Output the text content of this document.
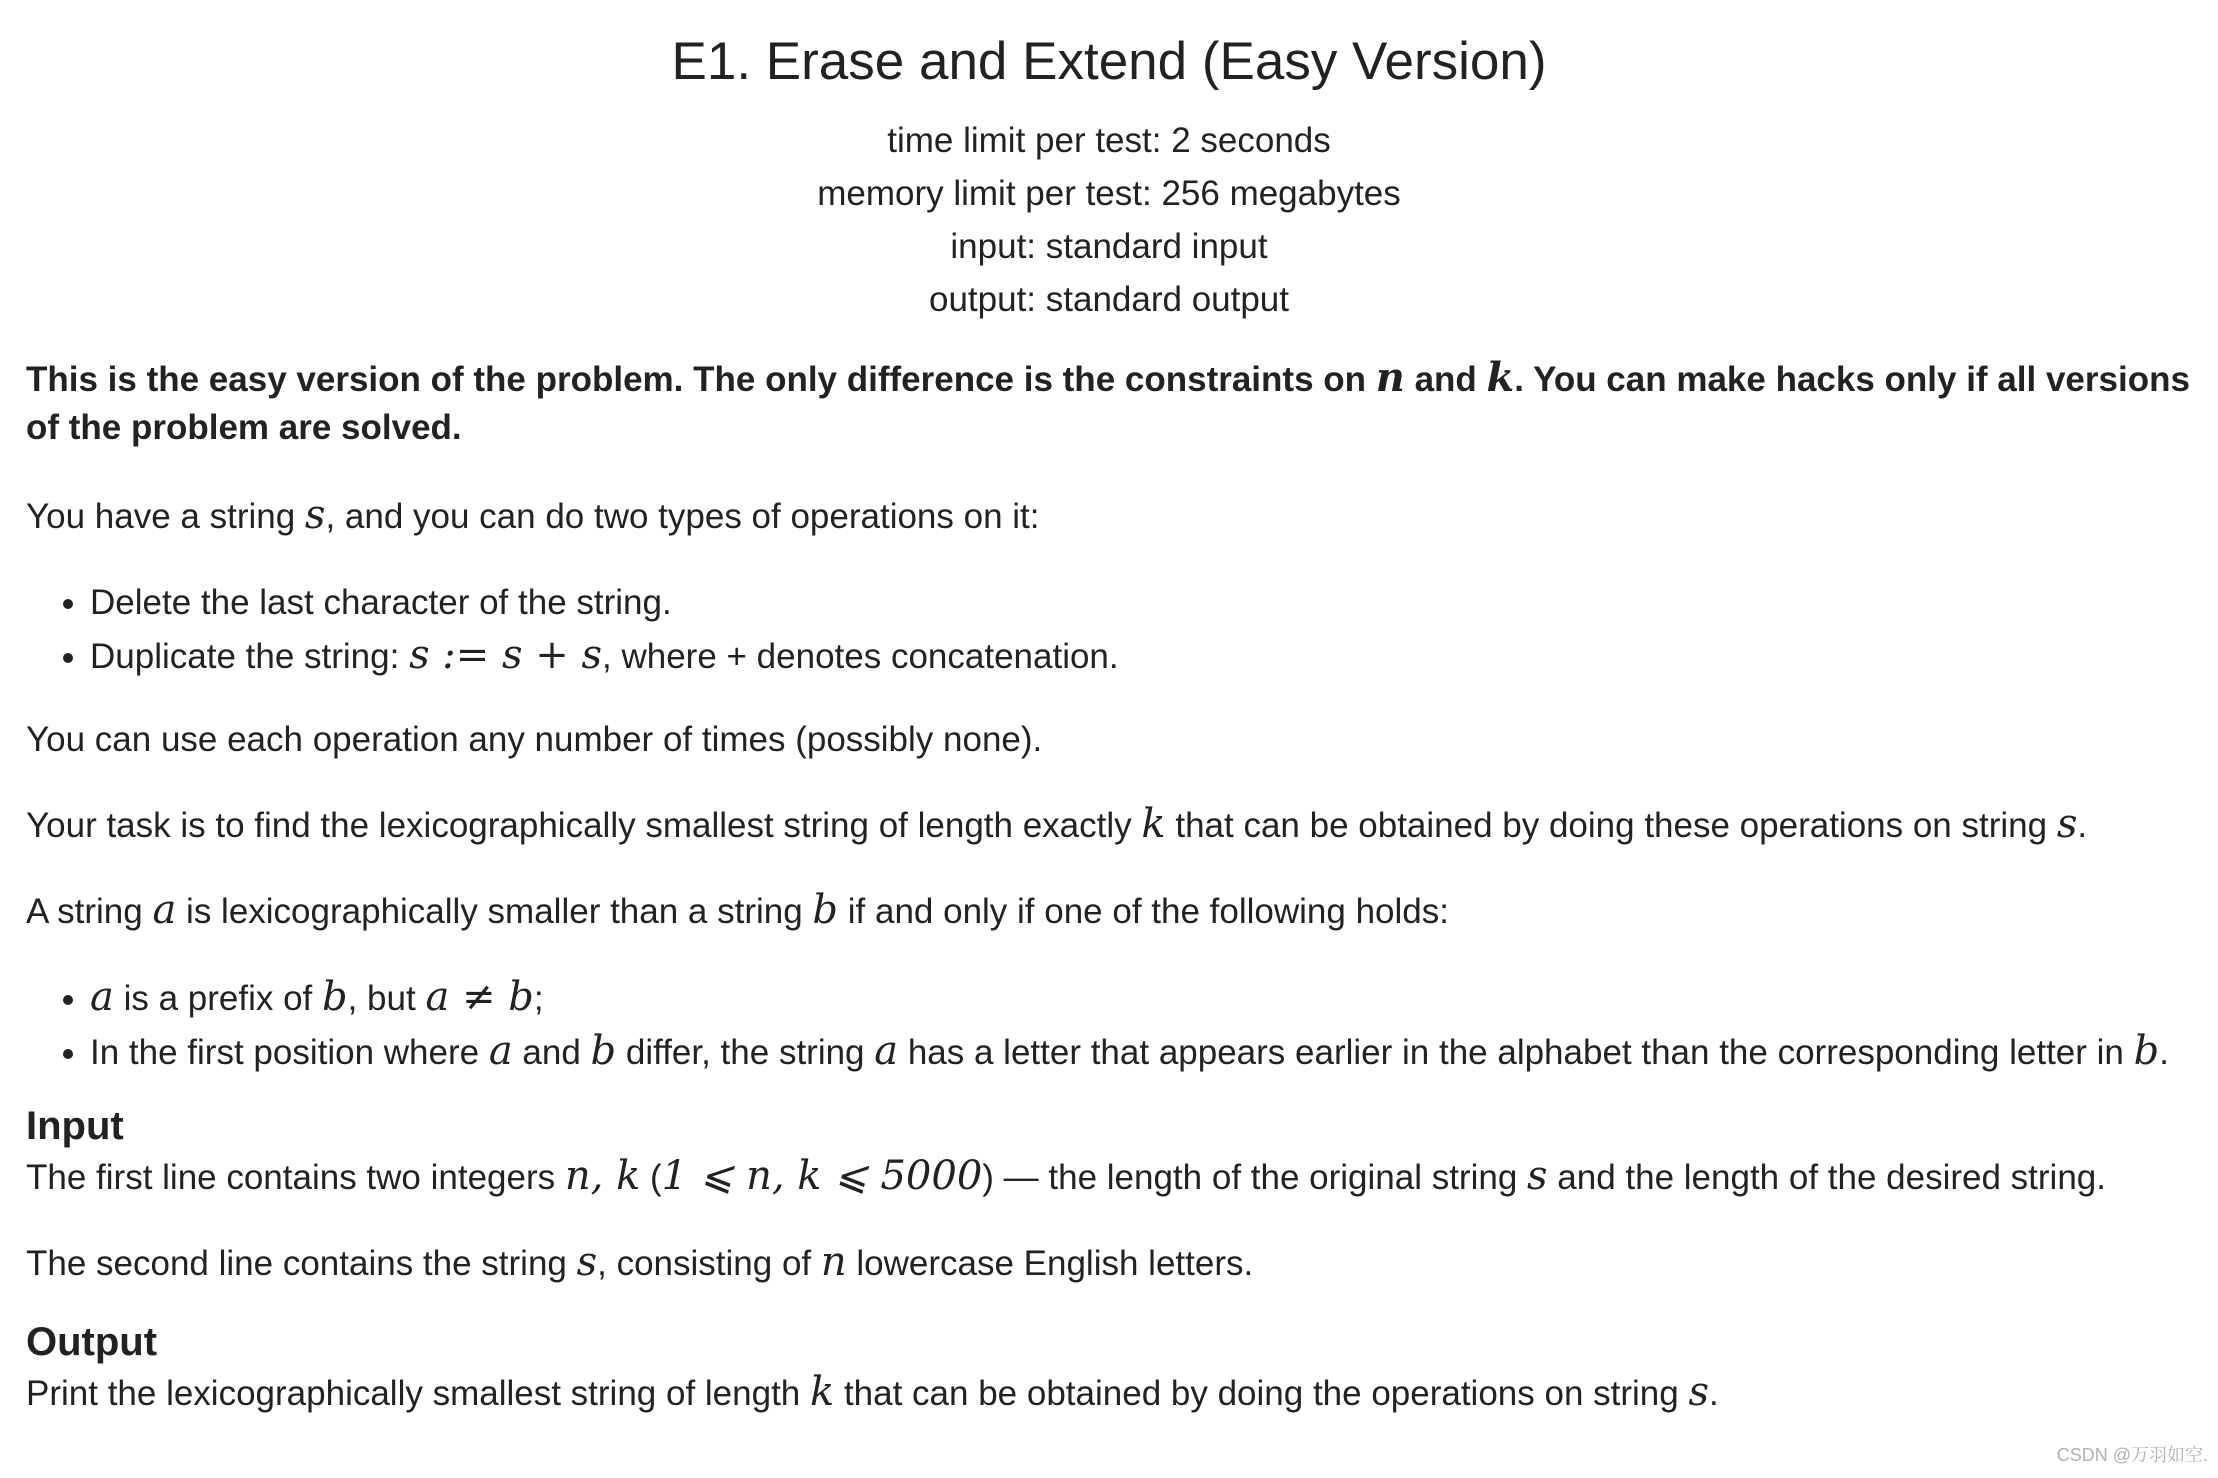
E1. Erase and Extend (Easy Version)
time limit per test: 2 seconds
memory limit per test: 256 megabytes
input: standard input
output: standard output

This is the easy version of the problem. The only difference is the constraints on n and k. You can make hacks only if all versions of the problem are solved.

You have a string s, and you can do two types of operations on it:

• Delete the last character of the string.
• Duplicate the string: s := s + s, where + denotes concatenation.

You can use each operation any number of times (possibly none).

Your task is to find the lexicographically smallest string of length exactly k that can be obtained by doing these operations on string s.

A string a is lexicographically smaller than a string b if and only if one of the following holds:

• a is a prefix of b, but a ≠ b;
• In the first position where a and b differ, the string a has a letter that appears earlier in the alphabet than the corresponding letter in b.
Input

The first line contains two integers n, k (1 ⩽ n, k ⩽ 5000) — the length of the original string s and the length of the desired string.

The second line contains the string s, consisting of n lowercase English letters.

Output

Print the lexicographically smallest string of length k that can be obtained by doing the operations on string s.

CSDN @万羽如空.
